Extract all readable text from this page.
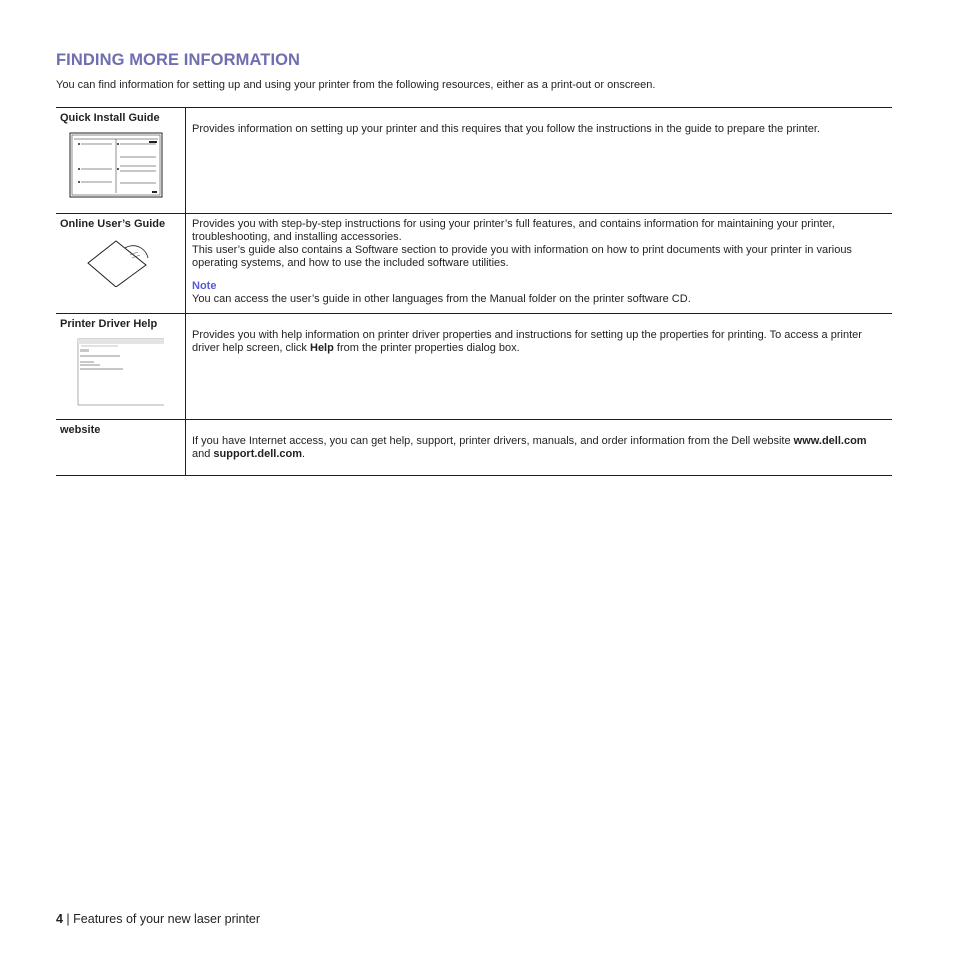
FINDING MORE INFORMATION

You can find information for setting up and using your printer from the following resources, either as a print-out or onscreen.

Quick Install Guide	Provides information on setting up your printer and this requires that you follow the instructions in the guide to prepare the printer.

Online User’s Guide	Provides you with step-by-step instructions for using your printer’s full features, and contains information for maintaining your printer, troubleshooting, and installing accessories.

This user’s guide also contains a Software section to provide you with information on how to print documents with your printer in various operating systems, and how to use the included software utilities.

Note

You can access the user’s guide in other languages from the Manual folder on the printer software CD.

Printer Driver Help	Provides you with help information on printer driver properties and instructions for setting up the properties for printing. To access a printer driver help screen, click Help from the printer properties dialog box.

website	If you have Internet access, you can get help, support, printer drivers, manuals, and order information from the Dell website www.dell.com and support.dell.com.

4 | Features of your new laser printer
